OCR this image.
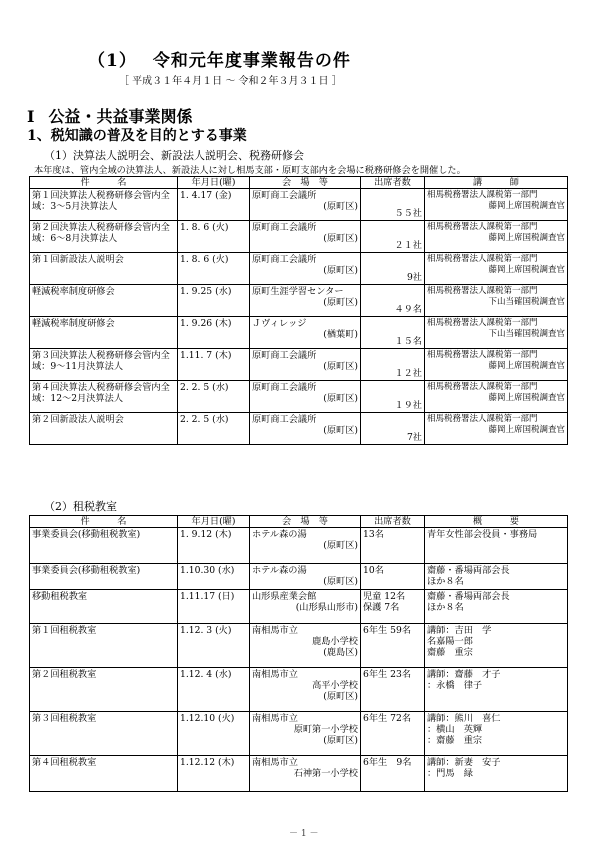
（1） 令和元年度事業報告の件
［ 平成３１年４月１日 ～ 令和２年３月３１日 ］
Ⅰ 公益・共益事業関係
1、税知識の普及を目的とする事業
（1）決算法人説明会、新設法人説明会、税務研修会
本年度は、管内全域の決算法人、新設法人に対し相馬支部・原町支部内を会場に税務研修会を開催した。
件　　　名	年月日(曜)	会　場　等	出席者数	講　　　師
第１回決算法人税務研修会管内全域：3～5月決算法人	1. 4.17 (金)	原町商工会議所
(原町区)	５５社	相馬税務署法人課税第一部門
藤岡上席国税調査官

第２回決算法人税務研修会管内全域：6～8月決算法人	1. 8. 6 (火)	原町商工会議所
(原町区)	２１社	相馬税務署法人課税第一部門
藤岡上席国税調査官

第１回新設法人説明会	1. 8. 6 (火)	原町商工会議所
(原町区)	9社	相馬税務署法人課税第一部門
藤岡上席国税調査官

軽減税率制度研修会	1. 9.25 (水)	原町生涯学習センター
(原町区)	４９名	相馬税務署法人課税第一部門
下山当確国税調査官

軽減税率制度研修会	1. 9.26 (木)	Ｊヴィレッジ
(楢葉町)	１５名	相馬税務署法人課税第一部門
下山当確国税調査官

第３回決算法人税務研修会管内全域：9～11月決算法人	1.11. 7 (木)	原町商工会議所
(原町区)	１２社	相馬税務署法人課税第一部門
藤岡上席国税調査官

第４回決算法人税務研修会管内全域：12～2月決算法人	2. 2. 5 (水)	原町商工会議所
(原町区)	１９社	相馬税務署法人課税第一部門
藤岡上席国税調査官

第２回新設法人説明会	2. 2. 5 (水)	原町商工会議所
(原町区)	7社	相馬税務署法人課税第一部門
藤岡上席国税調査官
（2）租税教室
件　　　名	年月日(曜)	会　場　等	出席者数	概　　　要
事業委員会(移動租税教室)	1. 9.12 (木)	ホテル森の湯
(原町区)	13名	青年女性部会役員・事務局

事業委員会(移動租税教室)	1.10.30 (水)	ホテル森の湯
(原町区)	10名	齋藤・番場両部会長
ほか８名

移動租税教室	1.11.17 (日)	山形県産業会館
(山形県山形市)	児童 12名
保護 7名	齋藤・番場両部会長
ほか８名

第１回租税教室	1.12. 3 (火)	南相馬市立
鹿島小学校
(鹿島区)	6年生 59名	講師：吉田　学
名嘉陽一郎
齋藤　重宗

第２回租税教室	1.12. 4 (水)	南相馬市立
高平小学校
(原町区)	6年生 23名	講師：齋藤　才子
：永橋　律子

第３回租税教室	1.12.10 (火)	南相馬市立
原町第一小学校
(原町区)	6年生 72名	講師：熊川　喜仁
：横山　英輝
：齋藤　重宗

第４回租税教室	1.12.12 (木)	南相馬市立
石神第一小学校	6年生　9名	講師：新妻　安子
：門馬　緑
－ 1 －
